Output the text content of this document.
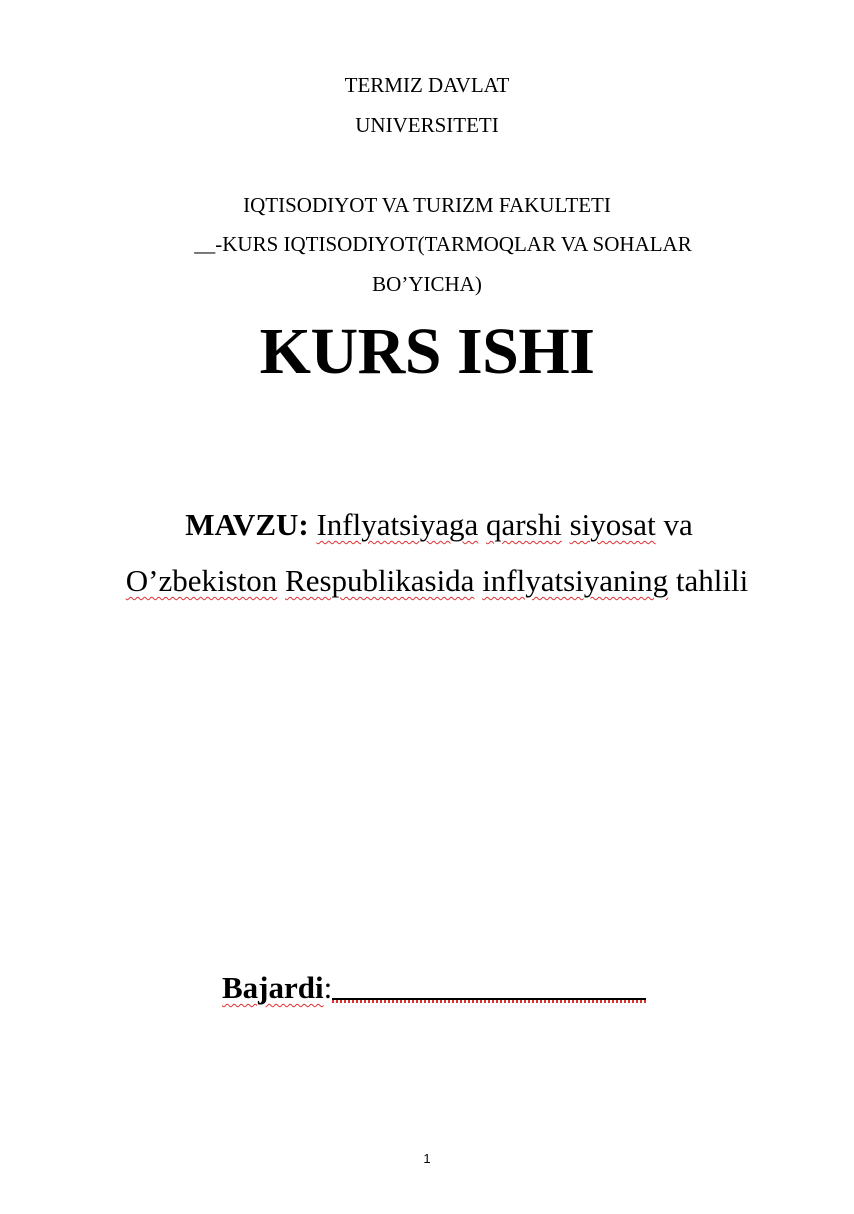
TERMIZ DAVLAT
UNIVERSITETI
IQTISODIYOT VA TURIZM FAKULTETI
__-KURS IQTISODIYOT(TARMOQLAR VA SOHALAR
BO’YICHA)
KURS ISHI
MAVZU: Inflyatsiyaga qarshi siyosat va
O’zbekiston Respublikasida inflyatsiyaning tahlili
Bajardi:
1
